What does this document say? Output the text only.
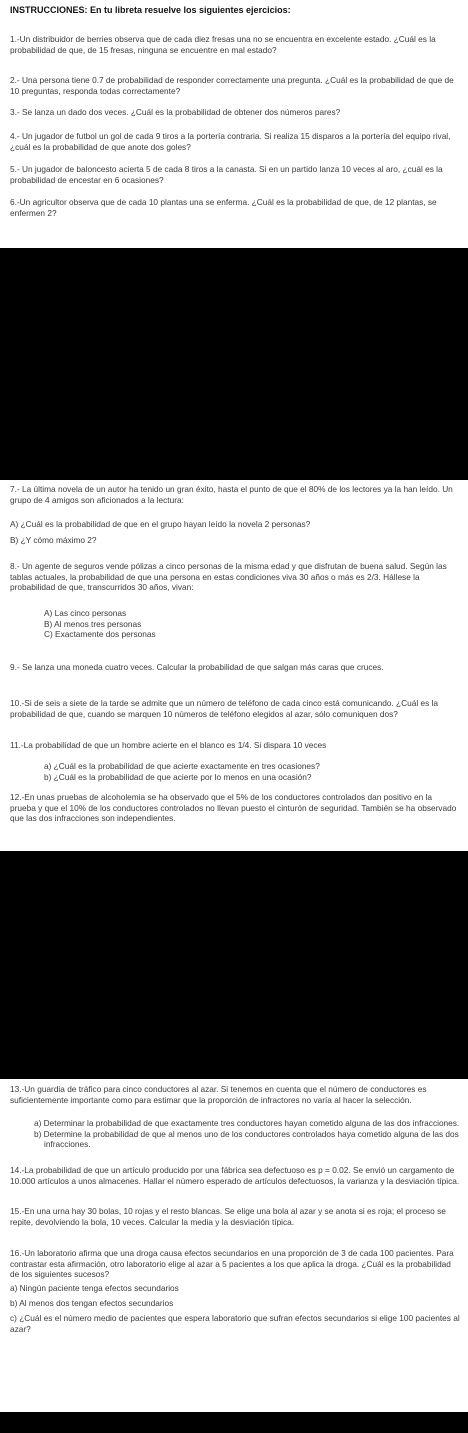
INSTRUCCIONES: En tu libreta resuelve los siguientes ejercicios:

1.-Un distribuidor de berries observa que de cada diez fresas una no se encuentra en excelente estado. ¿Cuál es la probabilidad de que, de 15 fresas, ninguna se encuentre en mal estado?

2.- Una persona tiene 0.7 de probabilidad de responder correctamente una pregunta. ¿Cuál es la probabilidad de que de 10 preguntas, responda todas correctamente?

3.- Se lanza un dado dos veces. ¿Cuál es la probabilidad de obtener dos números pares?

4.- Un jugador de futbol un gol de cada 9 tiros a la portería contraria. Si realiza 15 disparos a la portería del equipo rival, ¿cuál es la probabilidad de que anote dos goles?

5.- Un jugador de baloncesto acierta 5 de cada 8 tiros a la canasta. Si en un partido lanza 10 veces al aro, ¿cuál es la probabilidad de encestar en 6 ocasiones?

6.-Un agricultor observa que de cada 10 plantas una se enferma. ¿Cuál es la probabilidad de que, de 12 plantas, se enfermen 2?

7.- La última novela de un autor ha tenido un gran éxito, hasta el punto de que el 80% de los lectores ya la han leído. Un grupo de 4 amigos son aficionados a la lectura:

A) ¿Cuál es la probabilidad de que en el grupo hayan leído la novela 2 personas?

B) ¿Y cómo máximo 2?

8.- Un agente de seguros vende pólizas a cinco personas de la misma edad y que disfrutan de buena salud. Según las tablas actuales, la probabilidad de que una persona en estas condiciones viva 30 años o más es 2/3. Hállese la probabilidad de que, transcurridos 30 años, vivan:

A) Las cinco personas

B) Al menos tres personas

C) Exactamente dos personas

9.- Se lanza una moneda cuatro veces. Calcular la probabilidad de que salgan más caras que cruces.

10.-Si de seis a siete de la tarde se admite que un número de teléfono de cada cinco está comunicando. ¿Cuál es la probabilidad de que, cuando se marquen 10 números de teléfono elegidos al azar, sólo comuniquen dos?

11.-La probabilidad de que un hombre acierte en el blanco es 1/4. Si dispara 10 veces

a) ¿Cuál es la probabilidad de que acierte exactamente en tres ocasiones?

b) ¿Cuál es la probabilidad de que acierte por lo menos en una ocasión?

12.-En unas pruebas de alcoholemia se ha observado que el 5% de los conductores controlados dan positivo en la prueba y que el 10% de los conductores controlados no llevan puesto el cinturón de seguridad. También se ha observado que las dos infracciones son independientes.

13.-Un guardia de tráfico para cinco conductores al azar. Si tenemos en cuenta que el número de conductores es suficientemente importante como para estimar que la proporción de infractores no varía al hacer la selección.

a) Determinar la probabilidad de que exactamente tres conductores hayan cometido alguna de las dos infracciones.

b) Determine la probabilidad de que al menos uno de los conductores controlados haya cometido alguna de las dos infracciones.

14.-La probabilidad de que un artículo producido por una fábrica sea defectuoso es p = 0.02. Se envió un cargamento de 10.000 artículos a unos almacenes. Hallar el número esperado de artículos defectuosos, la varianza y la desviación típica.

15.-En una urna hay 30 bolas, 10 rojas y el resto blancas. Se elige una bola al azar y se anota si es roja; el proceso se repite, devolviendo la bola, 10 veces. Calcular la media y la desviación típica.

16.-Un laboratorio afirma que una droga causa efectos secundarios en una proporción de 3 de cada 100 pacientes. Para contrastar esta afirmación, otro laboratorio elige al azar a 5 pacientes a los que aplica la droga. ¿Cuál es la probabilidad de los siguientes sucesos?

a) Ningún paciente tenga efectos secundarios

b) Al menos dos tengan efectos secundarios

c) ¿Cuál es el número medio de pacientes que espera laboratorio que sufran efectos secundarios si elige 100 pacientes al azar?
